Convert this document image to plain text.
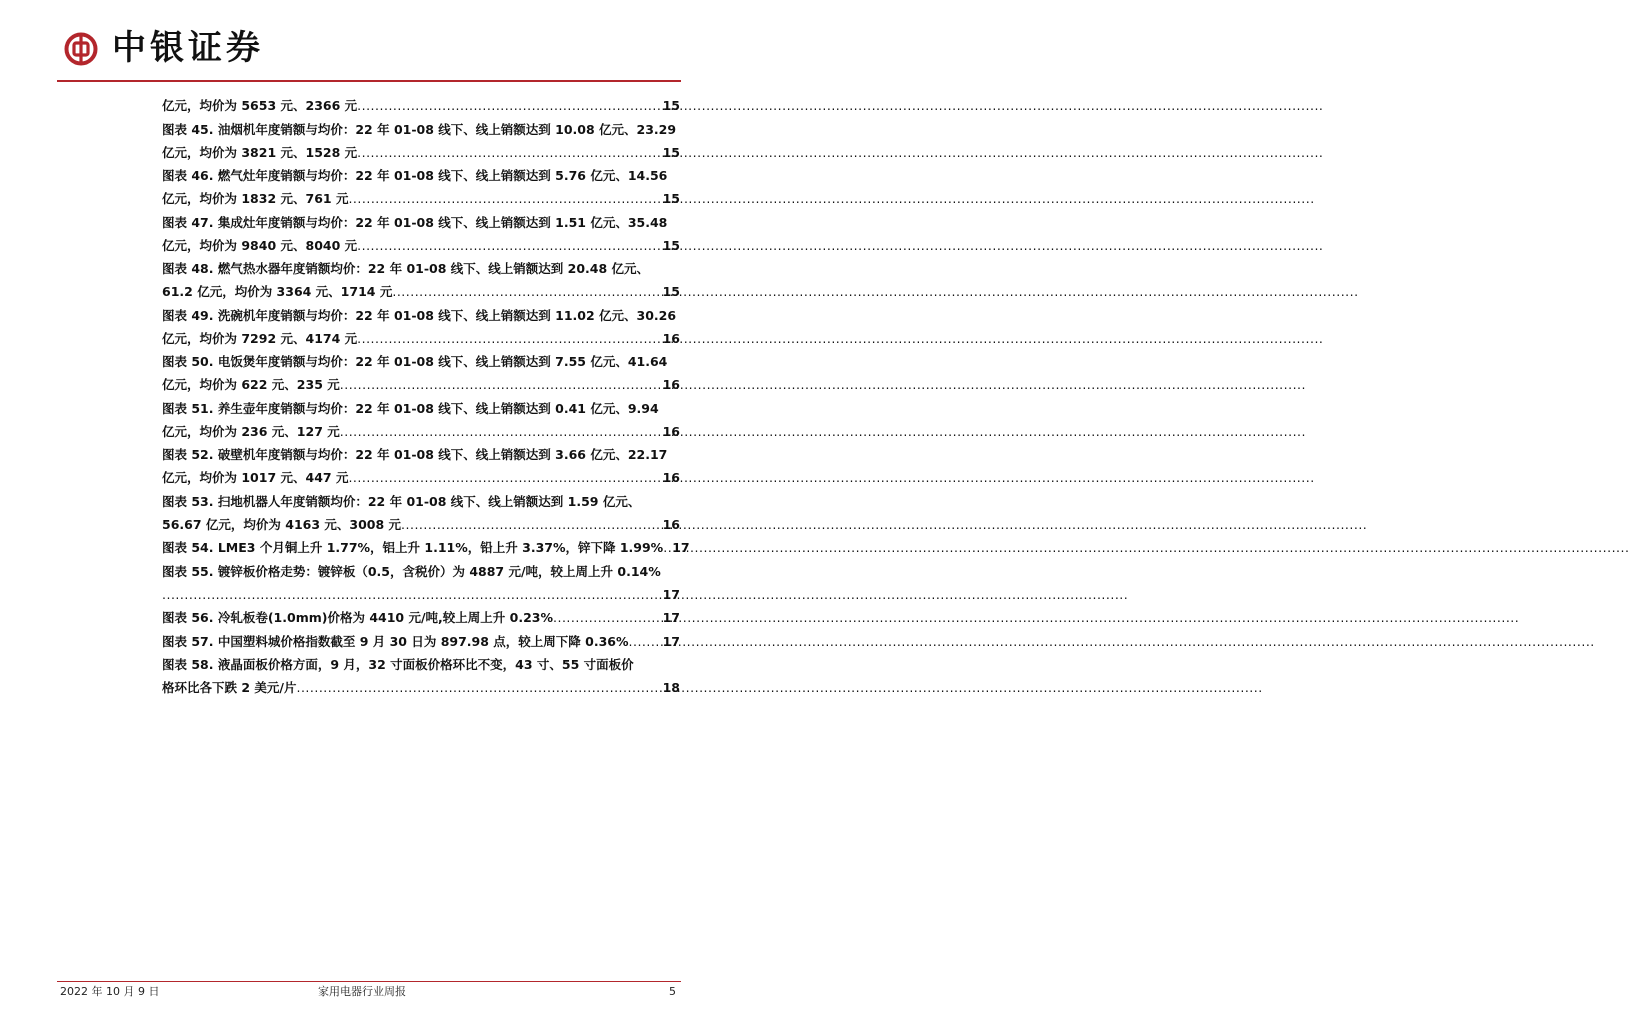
中银证券
亿元，均价为 5653 元、2366 元 .....	15
图表 45. 油烟机年度销额与均价：22 年 01-08 线下、线上销额达到 10.08 亿元、23.29
亿元，均价为 3821 元、1528 元 .....	15
图表 46. 燃气灶年度销额与均价：22 年 01-08 线下、线上销额达到 5.76 亿元、14.56
亿元，均价为 1832 元、761 元 .....	15
图表 47. 集成灶年度销额与均价：22 年 01-08 线下、线上销额达到 1.51 亿元、35.48
亿元，均价为 9840 元、8040 元 .....	15
图表 48. 燃气热水器年度销额均价：22 年 01-08 线下、线上销额达到 20.48 亿元、
61.2 亿元，均价为 3364 元、1714 元 .....	15
图表 49. 洗碗机年度销额与均价：22 年 01-08 线下、线上销额达到 11.02 亿元、30.26
亿元，均价为 7292 元、4174 元 .....	16
图表 50. 电饭煲年度销额与均价：22 年 01-08 线下、线上销额达到 7.55 亿元、41.64
亿元，均价为 622 元、235 元 .....	16
图表 51. 养生壶年度销额与均价：22 年 01-08 线下、线上销额达到 0.41 亿元、9.94
亿元，均价为 236 元、127 元 .....	16
图表 52. 破壁机年度销额与均价：22 年 01-08 线下、线上销额达到 3.66 亿元、22.17
亿元，均价为 1017 元、447 元 .....	16
图表 53. 扫地机器人年度销额均价：22 年 01-08 线下、线上销额达到 1.59 亿元、
56.67 亿元，均价为 4163 元、3008 元 .....	16
图表 54. LME3 个月铜上升 1.77%，铝上升 1.11%，铅上升 3.37%，锌下降 1.99% ..... 17
图表 55. 镀锌板价格走势：镀锌板（0.5，含税价）为 4887 元/吨，较上周上升 0.14%
.....
17
图表 56. 冷轧板卷(1.0mm)价格为 4410 元/吨,较上周上升 0.23% .....	17
图表 57. 中国塑料城价格指数截至 9 月 30 日为 897.98 点，较上周下降 0.36% .....	17
图表 58. 液晶面板价格方面，9 月，32 寸面板价格环比不变，43 寸、55 寸面板价
格环比各下跌 2 美元/片 .....	18
2022 年 10 月 9 日	家用电器行业周报	5
